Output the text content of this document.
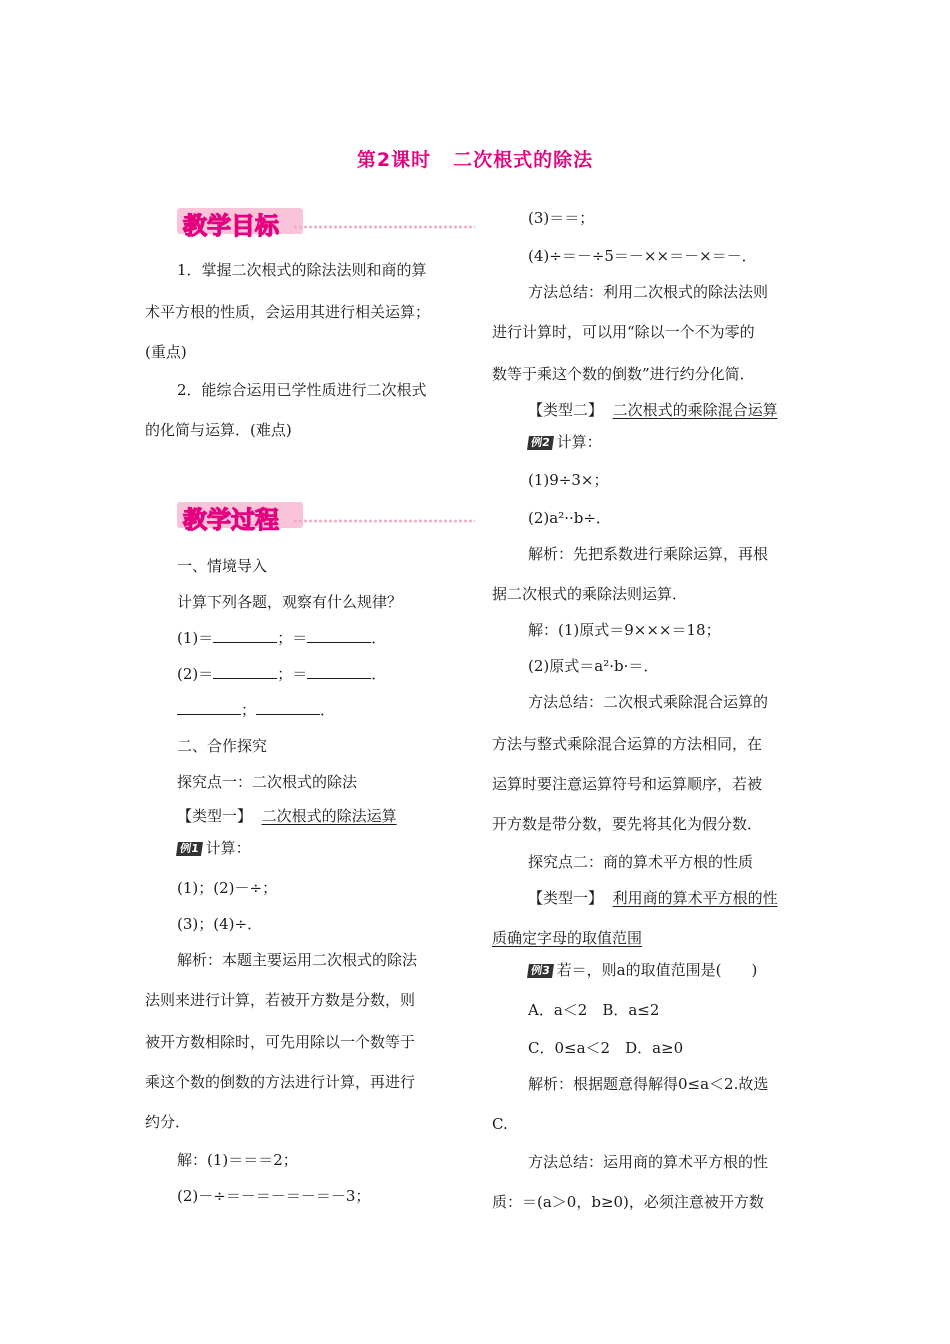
第2课时 二次根式的除法
教学目标
1．掌握二次根式的除法法则和商的算
术平方根的性质，会运用其进行相关运算；
(重点)
2．能综合运用已学性质进行二次根式
的化简与运算．(难点)
教学过程
一、情境导入
计算下列各题，观察有什么规律？
(1)＝	；＝	．
(2)＝	；＝	．
；	．
二、合作探究
探究点一：二次根式的除法
【类型一】 二次根式的除法运算
例1 计算：
(1)；(2)－÷；
(3)；(4)÷．
解析：本题主要运用二次根式的除法
法则来进行计算，若被开方数是分数，则
被开方数相除时，可先用除以一个数等于
乘这个数的倒数的方法进行计算，再进行
约分．
解：(1)＝＝＝2；
(2)－÷＝－＝－＝－＝－3；
(3)＝＝；
(4)÷＝－÷5＝－××＝－×＝－．
方法总结：利用二次根式的除法法则
进行计算时，可以用“除以一个不为零的
数等于乘这个数的倒数”进行约分化简．
【类型二】 二次根式的乘除混合运算
例2 计算：
(1)9÷3×；
(2)a²··b÷．
解析：先把系数进行乘除运算，再根
据二次根式的乘除法则运算．
解：(1)原式＝9×××＝18；
(2)原式＝a²·b·＝．
方法总结：二次根式乘除混合运算的
方法与整式乘除混合运算的方法相同，在
运算时要注意运算符号和运算顺序，若被
开方数是带分数，要先将其化为假分数．
探究点二：商的算术平方根的性质
【类型一】 利用商的算术平方根的性
质确定字母的取值范围
例3 若＝，则a的取值范围是(　　)
A．a＜2　B．a≤2
C．0≤a＜2　D．a≥0
解析：根据题意得解得0≤a＜2.故选
C.
方法总结：运用商的算术平方根的性
质：＝(a＞0，b≥0)，必须注意被开方数
